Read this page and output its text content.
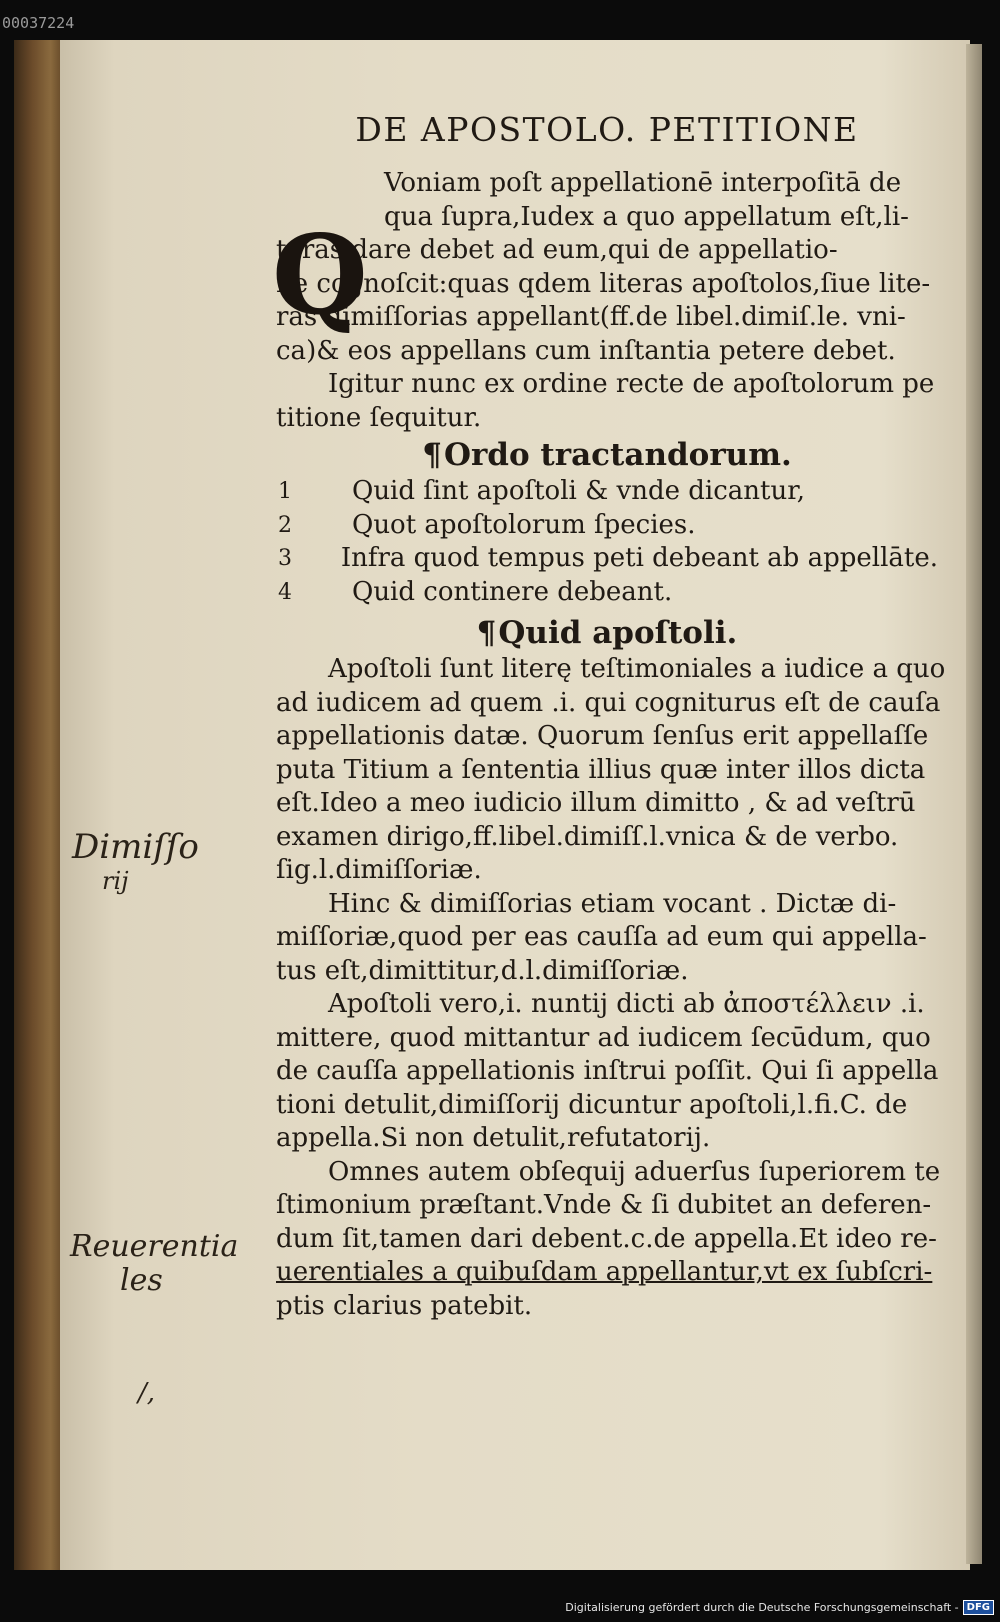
00037224
DE APOSTOLO. PETITIONE
Q
Voniam poſt appellationē interpoſitā de
qua ſupra,Iudex a quo appellatum eſt,li-
teras dare debet ad eum,qui de appellatio-
ne cognoſcit:quas qdem literas apoſtolos,ſiue lite-
ras dimiſſorias appellant(ff.de libel.dimiſ.le. vni-
ca)& eos appellans cum inſtantia petere debet.
Igitur nunc ex ordine recte de apoſtolorum pe
titione ſequitur.
¶Ordo tractandorum.
1	Quid ſint apoſtoli & vnde dicantur,
2	Quot apoſtolorum ſpecies.
3	Infra quod tempus peti debeant ab appellāte.
4	Quid continere debeant.
¶Quid apoſtoli.
Apoſtoli ſunt literę teſtimoniales a iudice a quo
ad iudicem ad quem .i. qui cogniturus eſt de cauſa
appellationis datæ. Quorum ſenſus erit appellaſſe
puta Titium a ſententia illius quæ inter illos dicta
eſt.Ideo a meo iudicio illum dimitto , & ad veſtrū
examen dirigo,ff.libel.dimiſſ.l.vnica & de verbo.
ſig.l.dimiſſoriæ.
Hinc & dimiſſorias etiam vocant . Dictæ di-
miſſoriæ,quod per eas cauſſa ad eum qui appella-
tus eſt,dimittitur,d.l.dimiſſoriæ.
Apoſtoli vero,i. nuntij dicti ab ἀποστέλλειν .i.
mittere, quod mittantur ad iudicem ſecūdum, quo
de cauſſa appellationis inſtrui poſſit. Qui ſi appella
tioni detulit,dimiſſorij dicuntur apoſtoli,l.fi.C. de
appella.Si non detulit,refutatorij.
Omnes autem obſequij aduerſus ſuperiorem te
ſtimonium præſtant.Vnde & ſi dubitet an deferen-
dum ſit,tamen dari debent.c.de appella.Et ideo re-
uerentiales a quibuſdam appellantur,vt ex ſubſcri-
ptis clarius patebit.
Dimiſſo
rij
Reuerentia
les
/,
Digitalisierung gefördert durch die Deutsche Forschungsgemeinschaft - DFG
